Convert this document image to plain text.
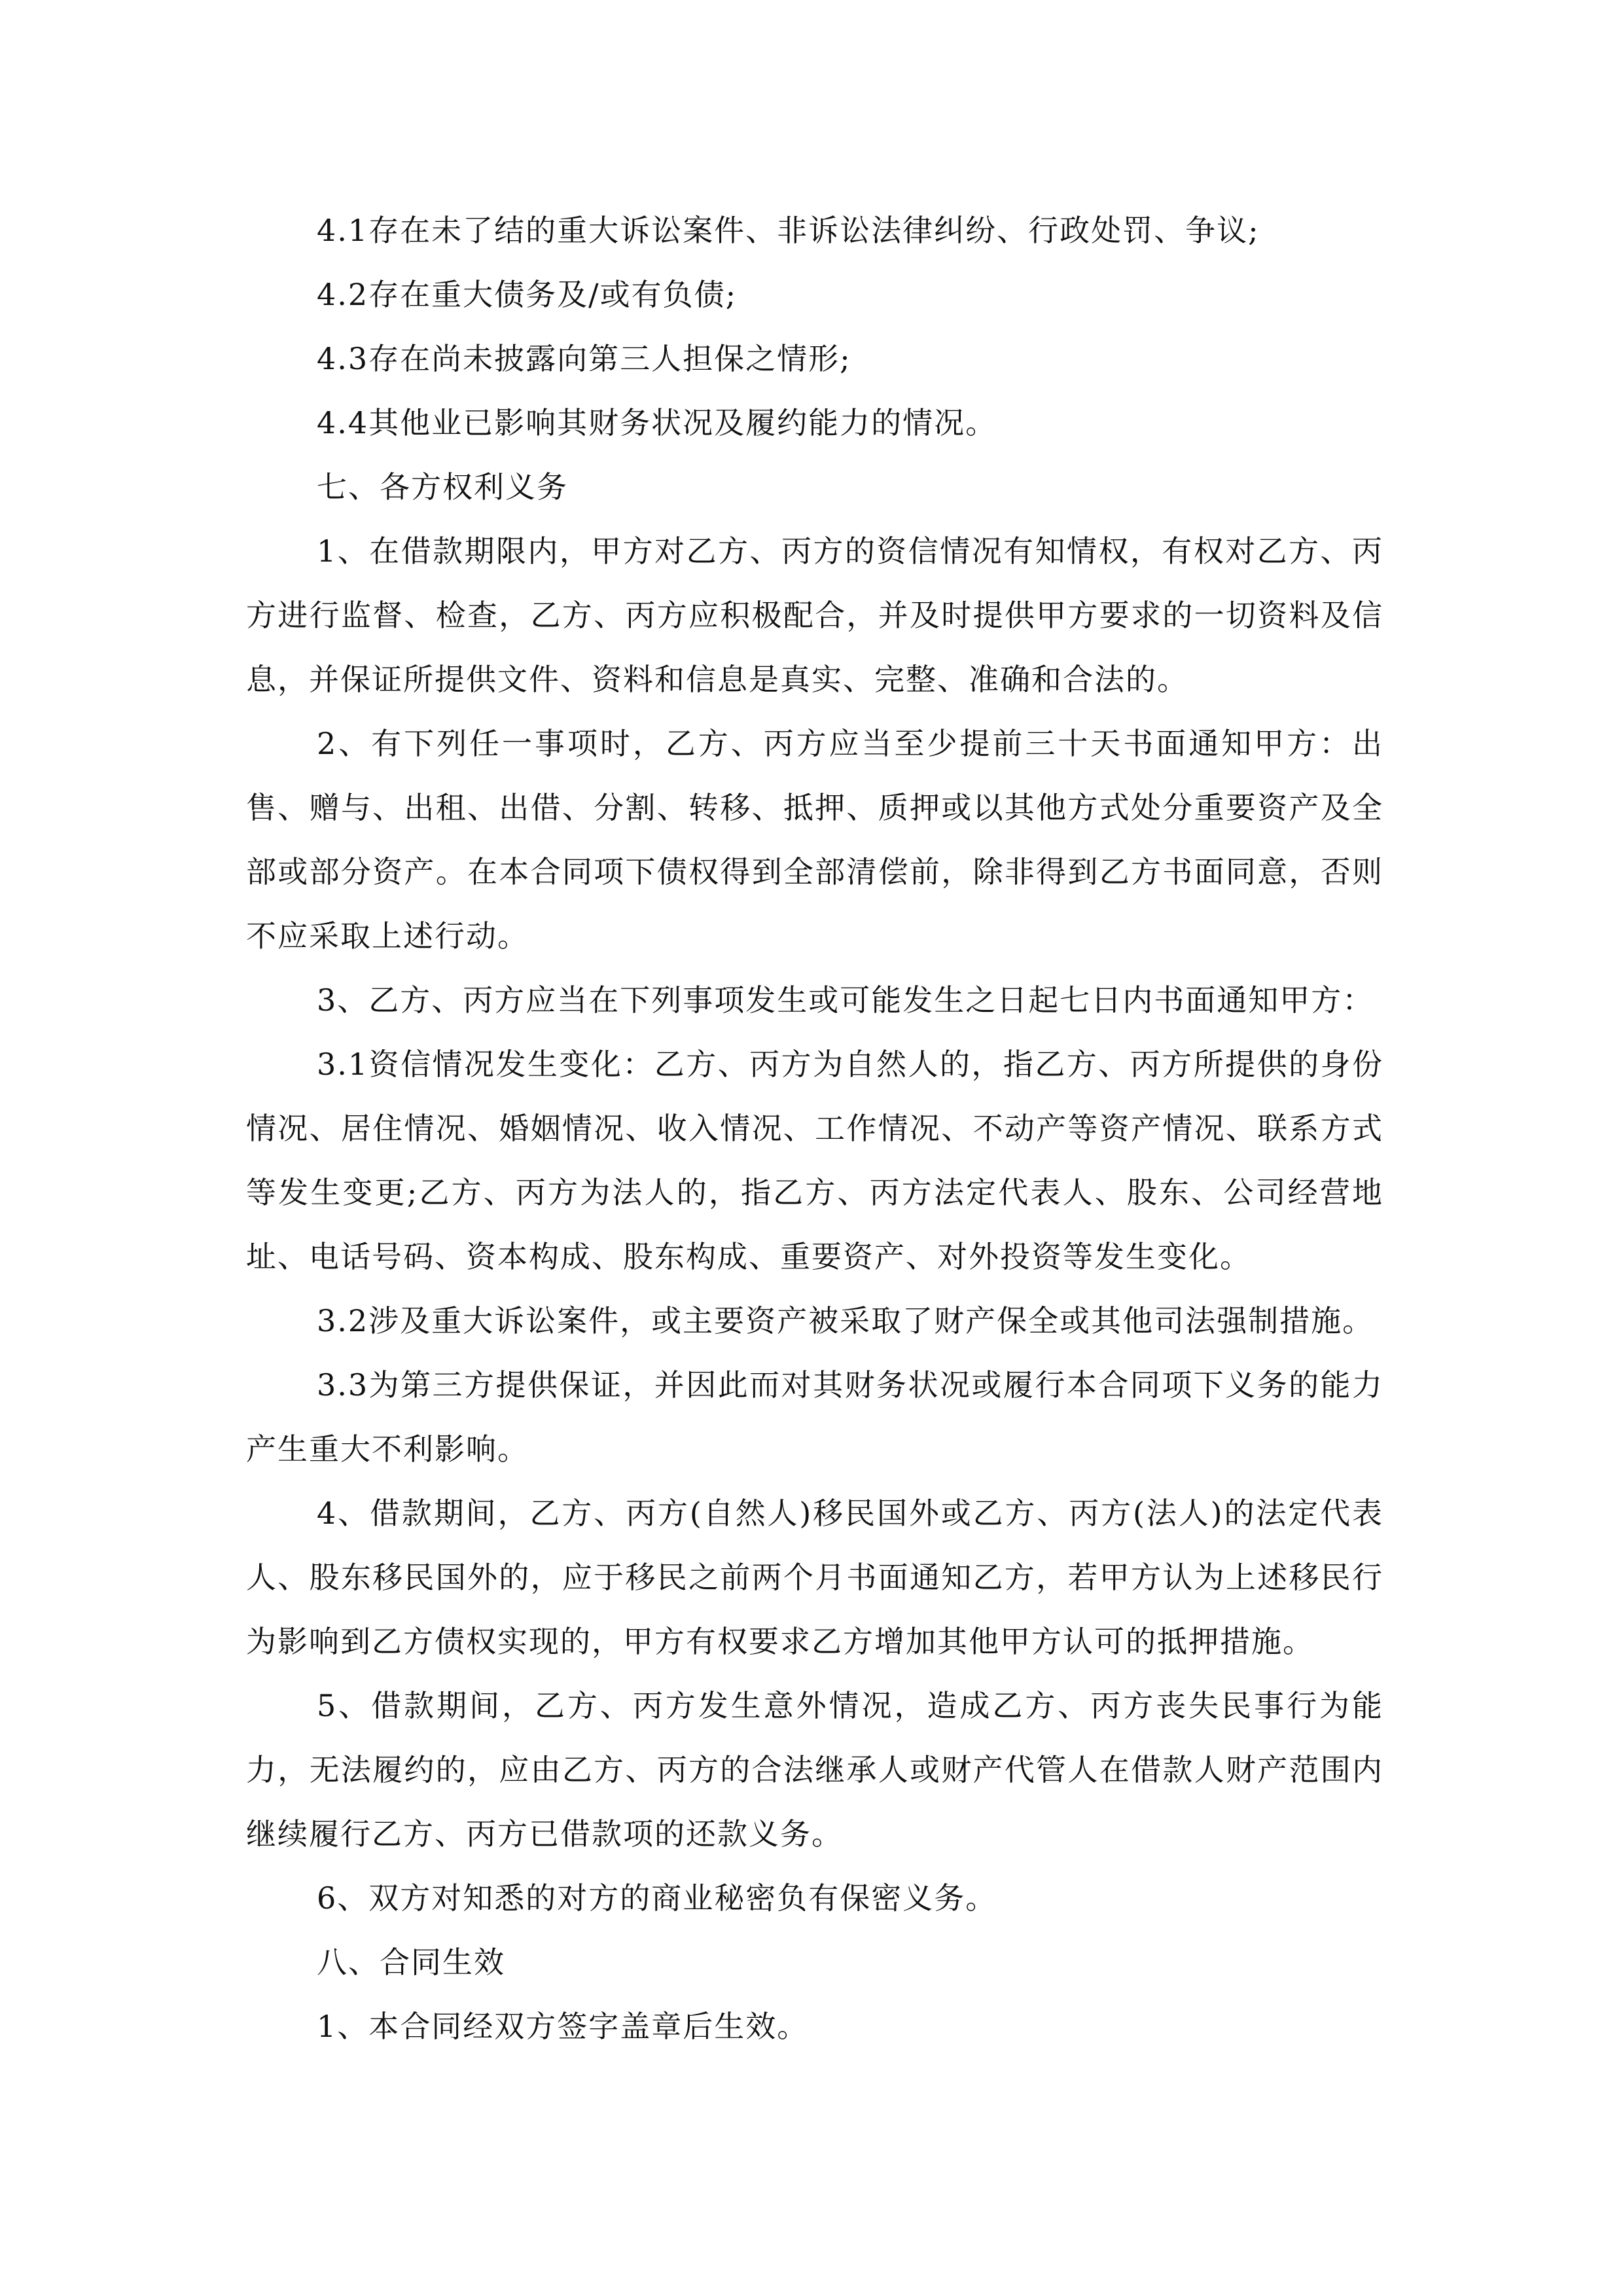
4.1存在未了结的重大诉讼案件、非诉讼法律纠纷、行政处罚、争议;

4.2存在重大债务及/或有负债;

4.3存在尚未披露向第三人担保之情形;

4.4其他业已影响其财务状况及履约能力的情况。

七、各方权利义务

1、在借款期限内，甲方对乙方、丙方的资信情况有知情权，有权对乙方、丙方进行监督、检查，乙方、丙方应积极配合，并及时提供甲方要求的一切资料及信息，并保证所提供文件、资料和信息是真实、完整、准确和合法的。

2、有下列任一事项时，乙方、丙方应当至少提前三十天书面通知甲方：出售、赠与、出租、出借、分割、转移、抵押、质押或以其他方式处分重要资产及全部或部分资产。在本合同项下债权得到全部清偿前，除非得到乙方书面同意，否则不应采取上述行动。

3、乙方、丙方应当在下列事项发生或可能发生之日起七日内书面通知甲方：

3.1资信情况发生变化：乙方、丙方为自然人的，指乙方、丙方所提供的身份情况、居住情况、婚姻情况、收入情况、工作情况、不动产等资产情况、联系方式等发生变更;乙方、丙方为法人的，指乙方、丙方法定代表人、股东、公司经营地址、电话号码、资本构成、股东构成、重要资产、对外投资等发生变化。

3.2涉及重大诉讼案件，或主要资产被采取了财产保全或其他司法强制措施。

3.3为第三方提供保证，并因此而对其财务状况或履行本合同项下义务的能力产生重大不利影响。

4、借款期间，乙方、丙方(自然人)移民国外或乙方、丙方(法人)的法定代表人、股东移民国外的，应于移民之前两个月书面通知乙方，若甲方认为上述移民行为影响到乙方债权实现的，甲方有权要求乙方增加其他甲方认可的抵押措施。

5、借款期间，乙方、丙方发生意外情况，造成乙方、丙方丧失民事行为能力，无法履约的，应由乙方、丙方的合法继承人或财产代管人在借款人财产范围内继续履行乙方、丙方已借款项的还款义务。

6、双方对知悉的对方的商业秘密负有保密义务。

八、合同生效

1、本合同经双方签字盖章后生效。
